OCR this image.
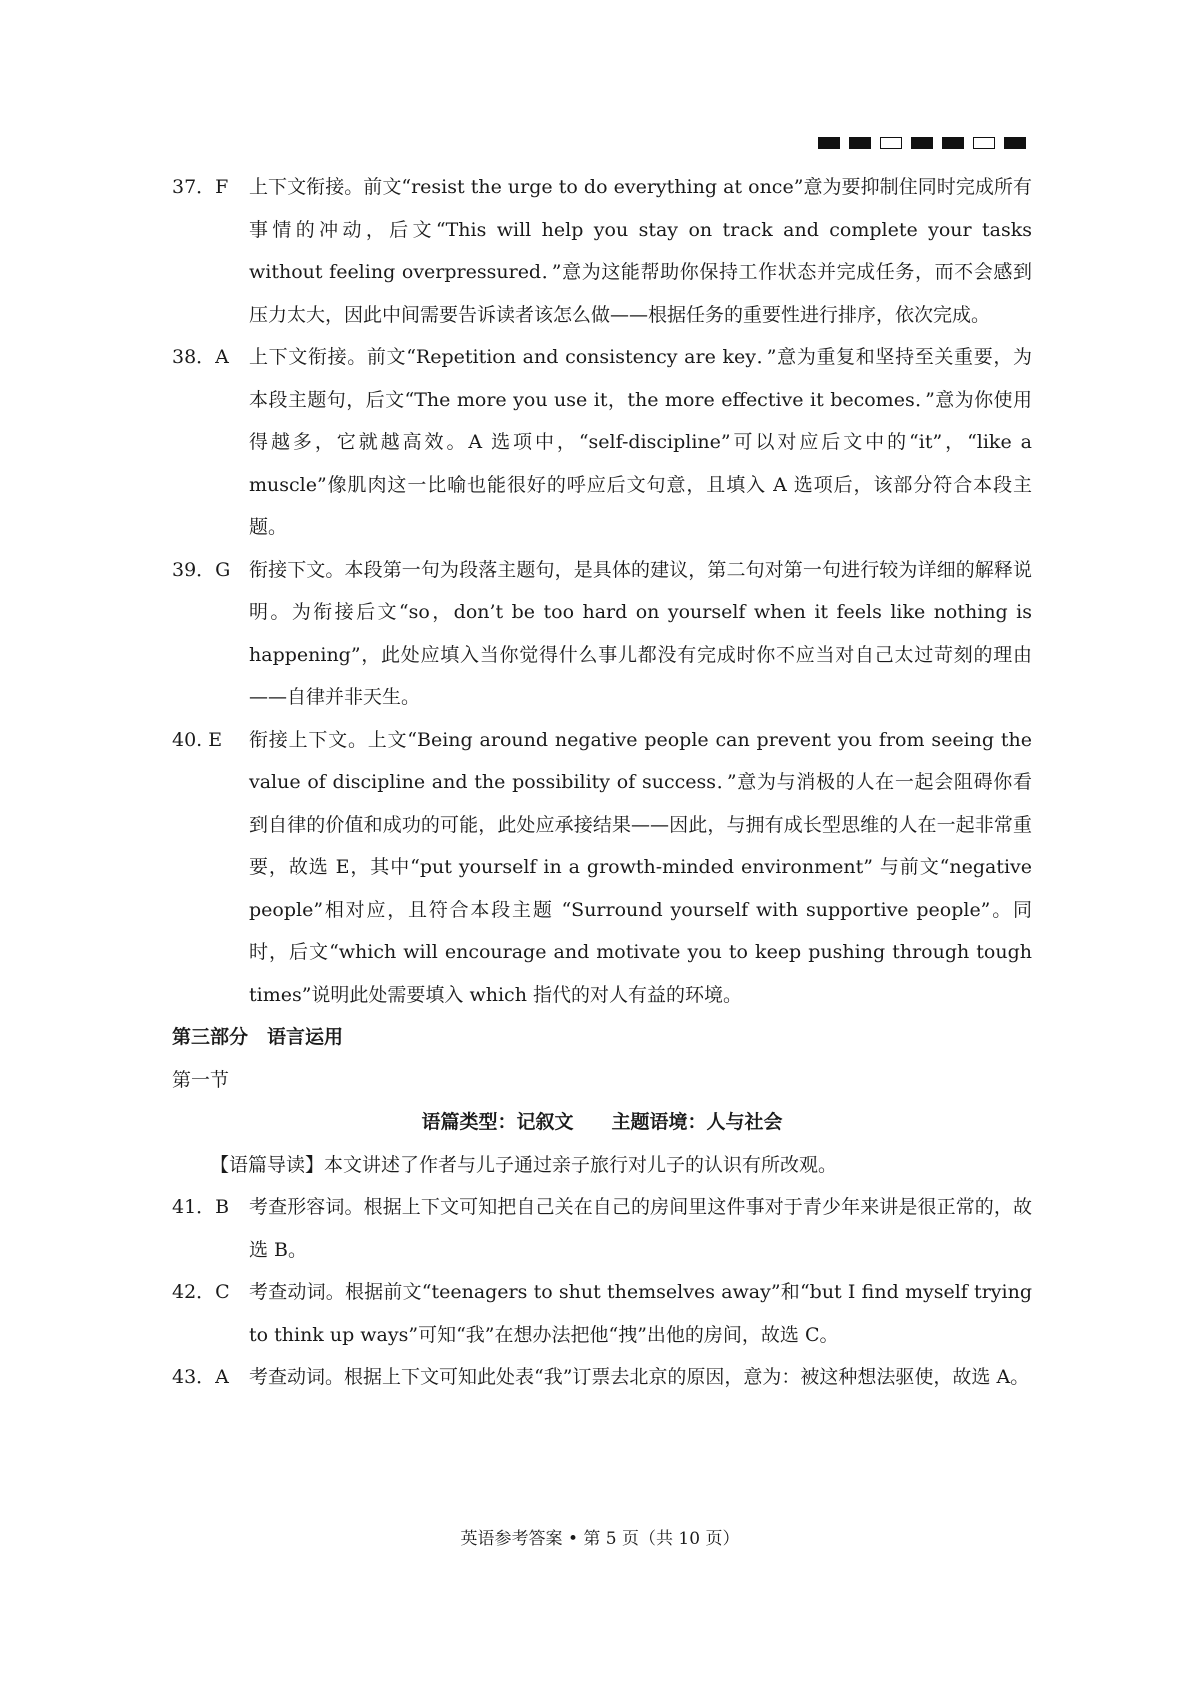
37．F 上下文衔接。前文“resist the urge to do everything at once”意为要抑制住同时完成所有事情的冲动，后文“This will help you stay on track and complete your tasks without feeling overpressured．”意为这能帮助你保持工作状态并完成任务，而不会感到压力太大，因此中间需要告诉读者该怎么做——根据任务的重要性进行排序，依次完成。
38．A 上下文衔接。前文“Repetition and consistency are key．”意为重复和坚持至关重要，为本段主题句，后文“The more you use it，the more effective it becomes．”意为你使用得越多，它就越高效。A 选项中，“self-discipline”可以对应后文中的“it”，“like a muscle”像肌肉这一比喻也能很好的呼应后文句意，且填入 A 选项后，该部分符合本段主题。
39．G 衔接下文。本段第一句为段落主题句，是具体的建议，第二句对第一句进行较为详细的解释说明。为衔接后文“so，don’t be too hard on yourself when it feels like nothing is happening”，此处应填入当你觉得什么事儿都没有完成时你不应当对自己太过苛刻的理由——自律并非天生。
40. E 衔接上下文。上文“Being around negative people can prevent you from seeing the value of discipline and the possibility of success．”意为与消极的人在一起会阻碍你看到自律的价值和成功的可能，此处应承接结果——因此，与拥有成长型思维的人在一起非常重要，故选 E，其中“put yourself in a growth-minded environment” 与前文“negative people”相对应，且符合本段主题 “Surround yourself with supportive people”。同时，后文“which will encourage and motivate you to keep pushing through tough times”说明此处需要填入 which 指代的对人有益的环境。
第三部分　语言运用
第一节
语篇类型：记叙文　　主题语境：人与社会
【语篇导读】本文讲述了作者与儿子通过亲子旅行对儿子的认识有所改观。
41．B 考查形容词。根据上下文可知把自己关在自己的房间里这件事对于青少年来讲是很正常的，故选 B。
42．C 考查动词。根据前文“teenagers to shut themselves away”和“but I find myself trying to think up ways”可知“我”在想办法把他“拽”出他的房间，故选 C。
43．A 考查动词。根据上下文可知此处表“我”订票去北京的原因，意为：被这种想法驱使，故选 A。
英语参考答案 • 第 5 页（共 10 页）
